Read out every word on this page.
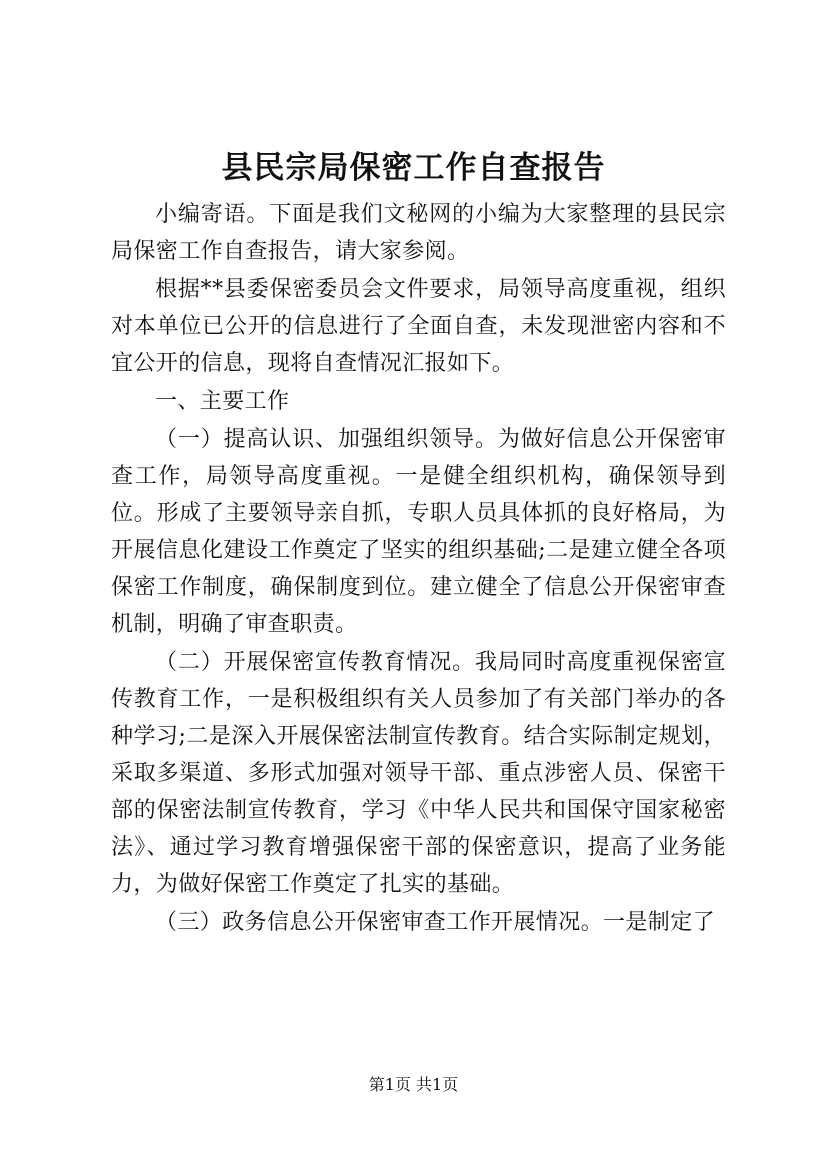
县民宗局保密工作自查报告

小编寄语。下面是我们文秘网的小编为大家整理的县民宗局保密工作自查报告，请大家参阅。

根据**县委保密委员会文件要求，局领导高度重视，组织对本单位已公开的信息进行了全面自查，未发现泄密内容和不宜公开的信息，现将自查情况汇报如下。

一、主要工作

（一）提高认识、加强组织领导。为做好信息公开保密审查工作，局领导高度重视。一是健全组织机构，确保领导到位。形成了主要领导亲自抓，专职人员具体抓的良好格局，为开展信息化建设工作奠定了坚实的组织基础;二是建立健全各项保密工作制度，确保制度到位。建立健全了信息公开保密审查机制，明确了审查职责。

（二）开展保密宣传教育情况。我局同时高度重视保密宣传教育工作，一是积极组织有关人员参加了有关部门举办的各种学习;二是深入开展保密法制宣传教育。结合实际制定规划，采取多渠道、多形式加强对领导干部、重点涉密人员、保密干部的保密法制宣传教育，学习《中华人民共和国保守国家秘密法》、通过学习教育增强保密干部的保密意识，提高了业务能力，为做好保密工作奠定了扎实的基础。

（三）政务信息公开保密审查工作开展情况。一是制定了

第1页 共1页
